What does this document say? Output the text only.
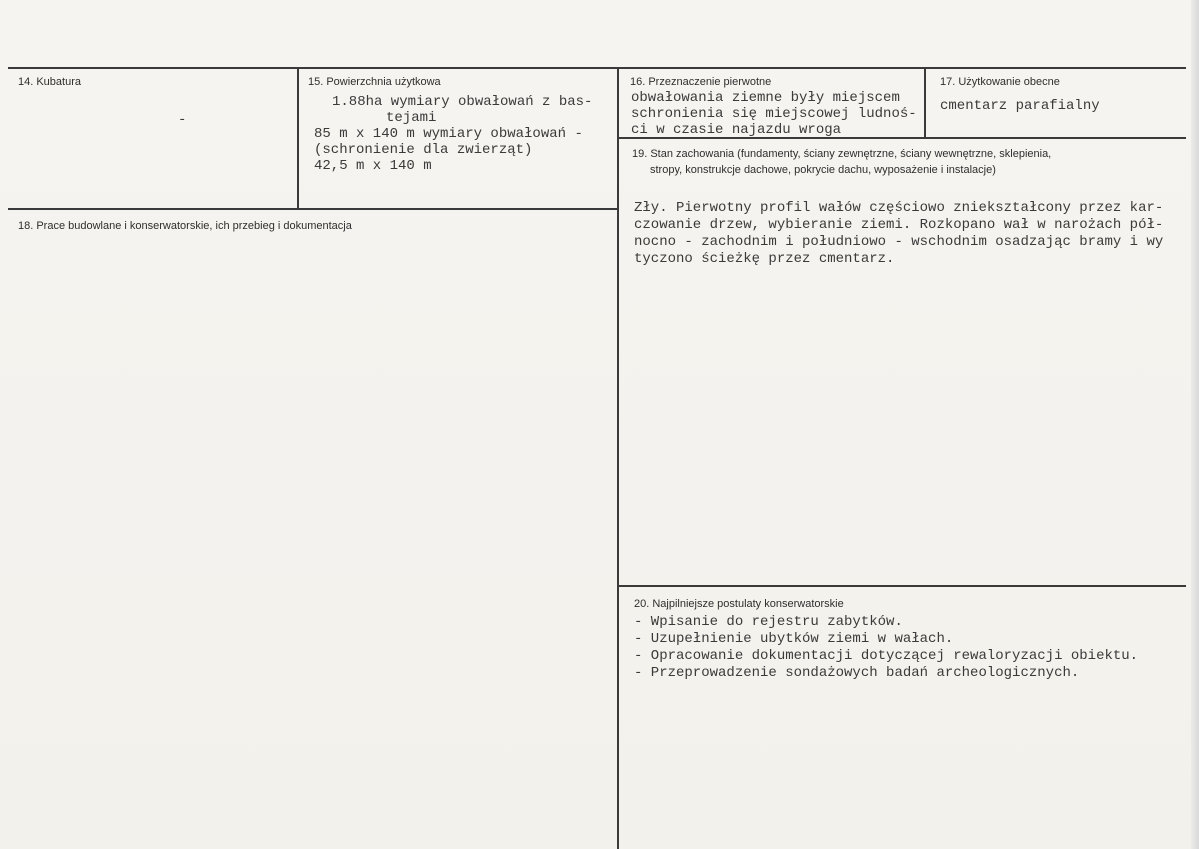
14. Kubatura
-
15. Powierzchnia użytkowa
1.88ha wymiary obwałowań z bas-
tejami
85 m x 140 m wymiary obwałowań -
(schronienie dla zwierząt)
42,5 m x 140 m
16. Przeznaczenie pierwotne
obwałowania ziemne były miejscem
schronienia się miejscowej ludnoś-
ci w czasie najazdu wroga
17. Użytkowanie obecne
cmentarz parafialny
18. Prace budowlane i konserwatorskie, ich przebieg i dokumentacja
19. Stan zachowania (fundamenty, ściany zewnętrzne, ściany wewnętrzne, sklepienia,
stropy, konstrukcje dachowe, pokrycie dachu, wyposażenie i instalacje)
Zły. Pierwotny profil wałów częściowo zniekształcony przez kar-
czowanie drzew, wybieranie ziemi. Rozkopano wał w narożach pół-
nocno - zachodnim i południowo - wschodnim osadzając bramy i wy
tyczono ścieżkę przez cmentarz.
20. Najpilniejsze postulaty konserwatorskie
- Wpisanie do rejestru zabytków.
- Uzupełnienie ubytków ziemi w wałach.
- Opracowanie dokumentacji dotyczącej rewaloryzacji obiektu.
- Przeprowadzenie sondażowych badań archeologicznych.
